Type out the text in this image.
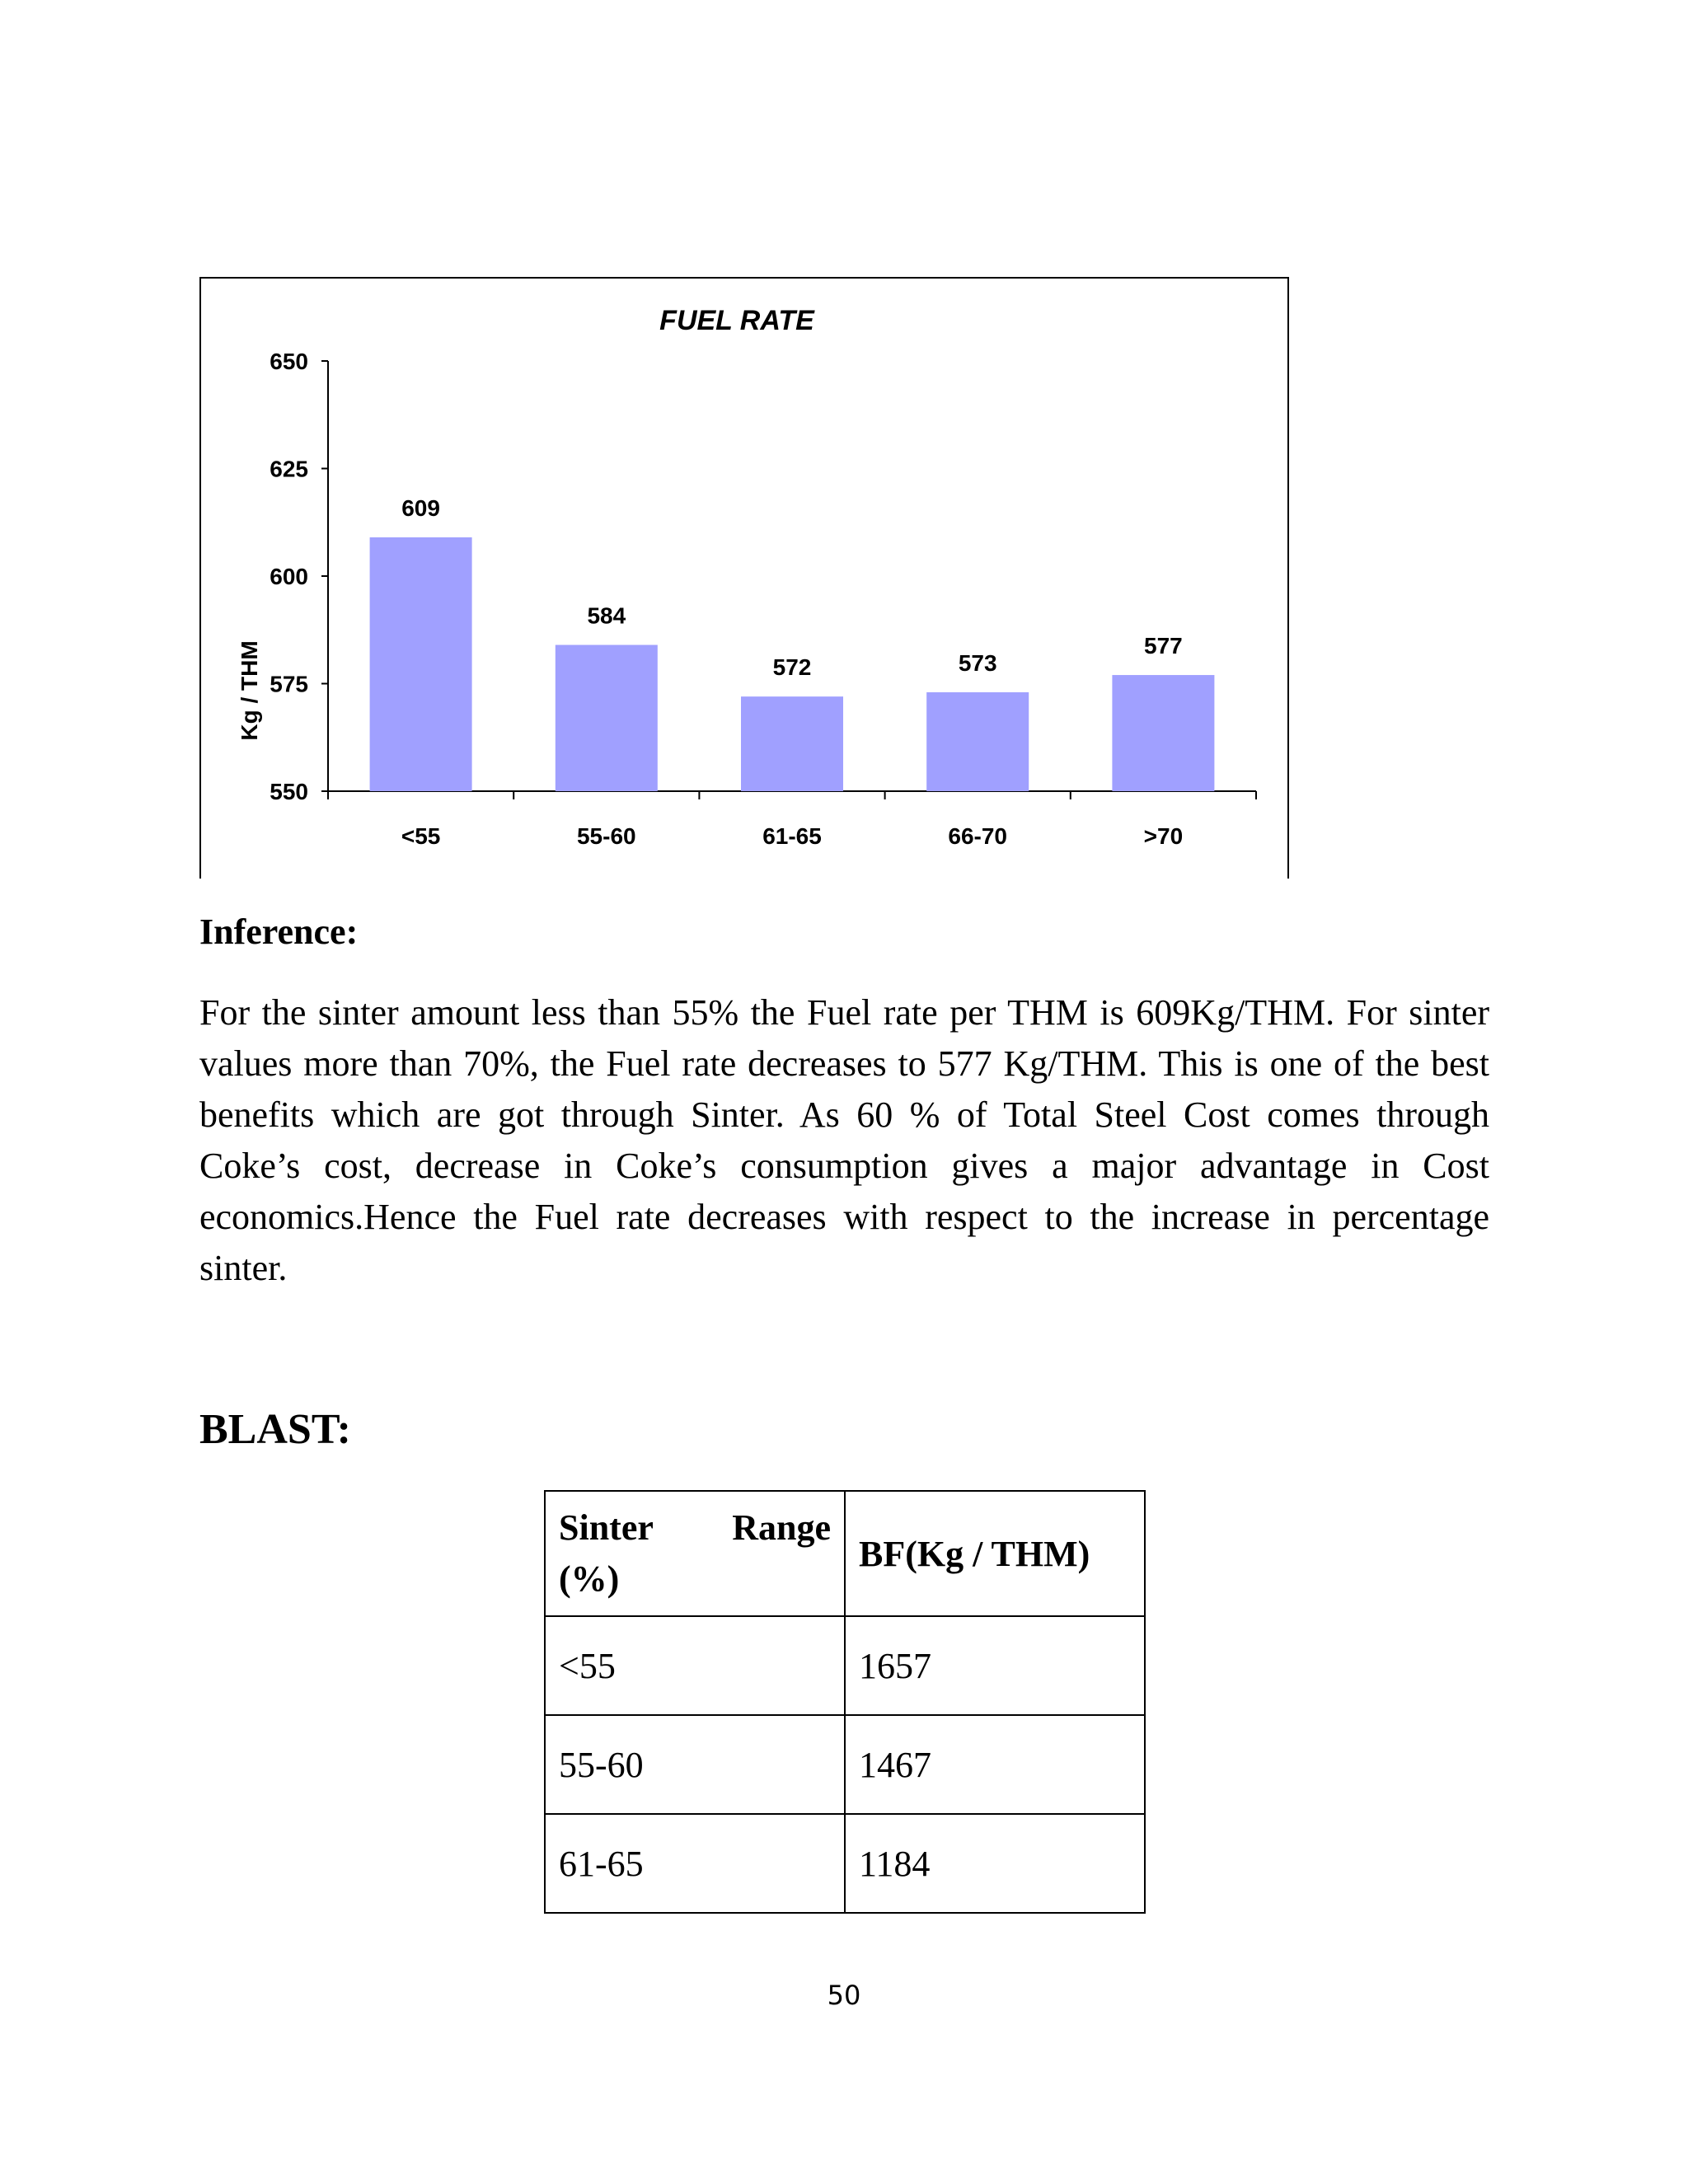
FUEL RATE
Kg / THM
550
575
600
625
650
<55	55-60	61-65	66-70	>70
609
584
572	573
577
Inference:

For the sinter amount less than 55% the Fuel rate per THM is 609Kg/THM. For sinter values more than 70%, the Fuel rate decreases to 577 Kg/THM. This is one of the best benefits which are got through Sinter. As 60 % of Total Steel Cost comes through Coke’s cost, decrease in Coke’s consumption gives a major advantage in Cost economics.Hence the Fuel rate decreases with respect to the increase in percentage sinter.

BLAST:
Sinter Range
(%)	BF(Kg / THM)
<55	1657
55-60	1467
61-65	1184
50
